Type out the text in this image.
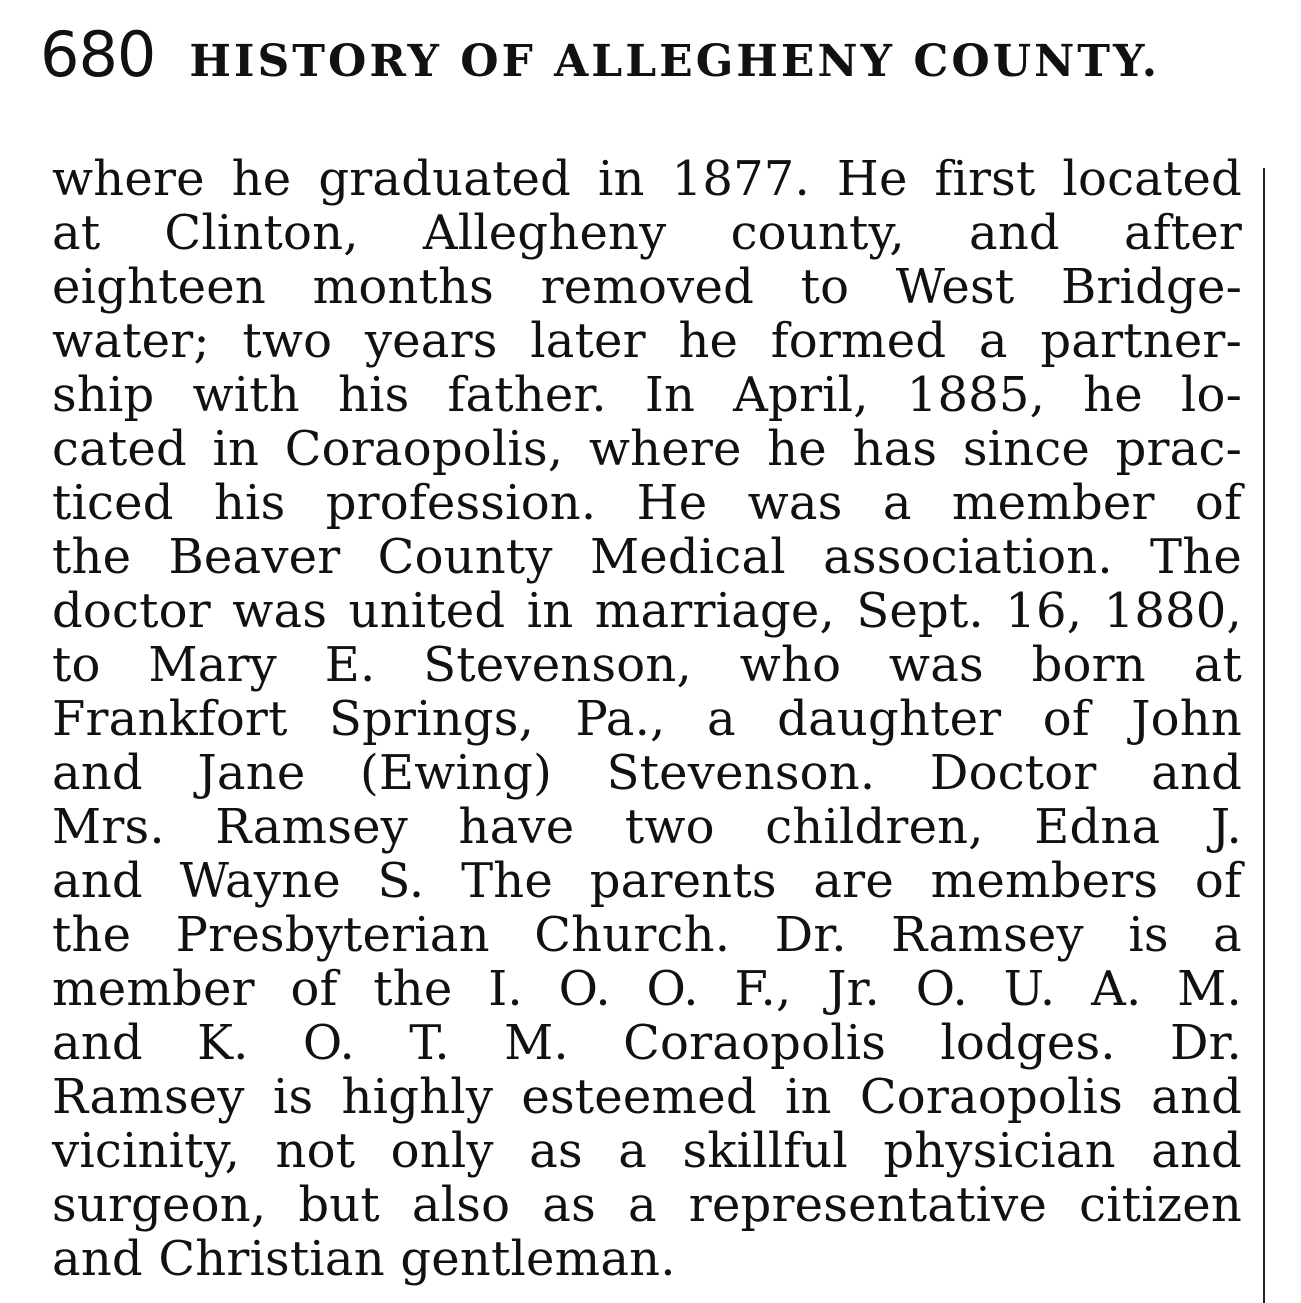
680 HISTORY OF ALLEGHENY COUNTY.
where he graduated in 1877. He first located
at Clinton, Allegheny county, and after
eighteen months removed to West Bridge-
water; two years later he formed a partner-
ship with his father. In April, 1885, he lo-
cated in Coraopolis, where he has since prac-
ticed his profession. He was a member of
the Beaver County Medical association. The
doctor was united in marriage, Sept. 16, 1880,
to Mary E. Stevenson, who was born at
Frankfort Springs, Pa., a daughter of John
and Jane (Ewing) Stevenson. Doctor and
Mrs. Ramsey have two children, Edna J.
and Wayne S. The parents are members of
the Presbyterian Church. Dr. Ramsey is a
member of the I. O. O. F., Jr. O. U. A. M.
and K. O. T. M. Coraopolis lodges. Dr.
Ramsey is highly esteemed in Coraopolis and
vicinity, not only as a skillful physician and
surgeon, but also as a representative citizen
and Christian gentleman.
